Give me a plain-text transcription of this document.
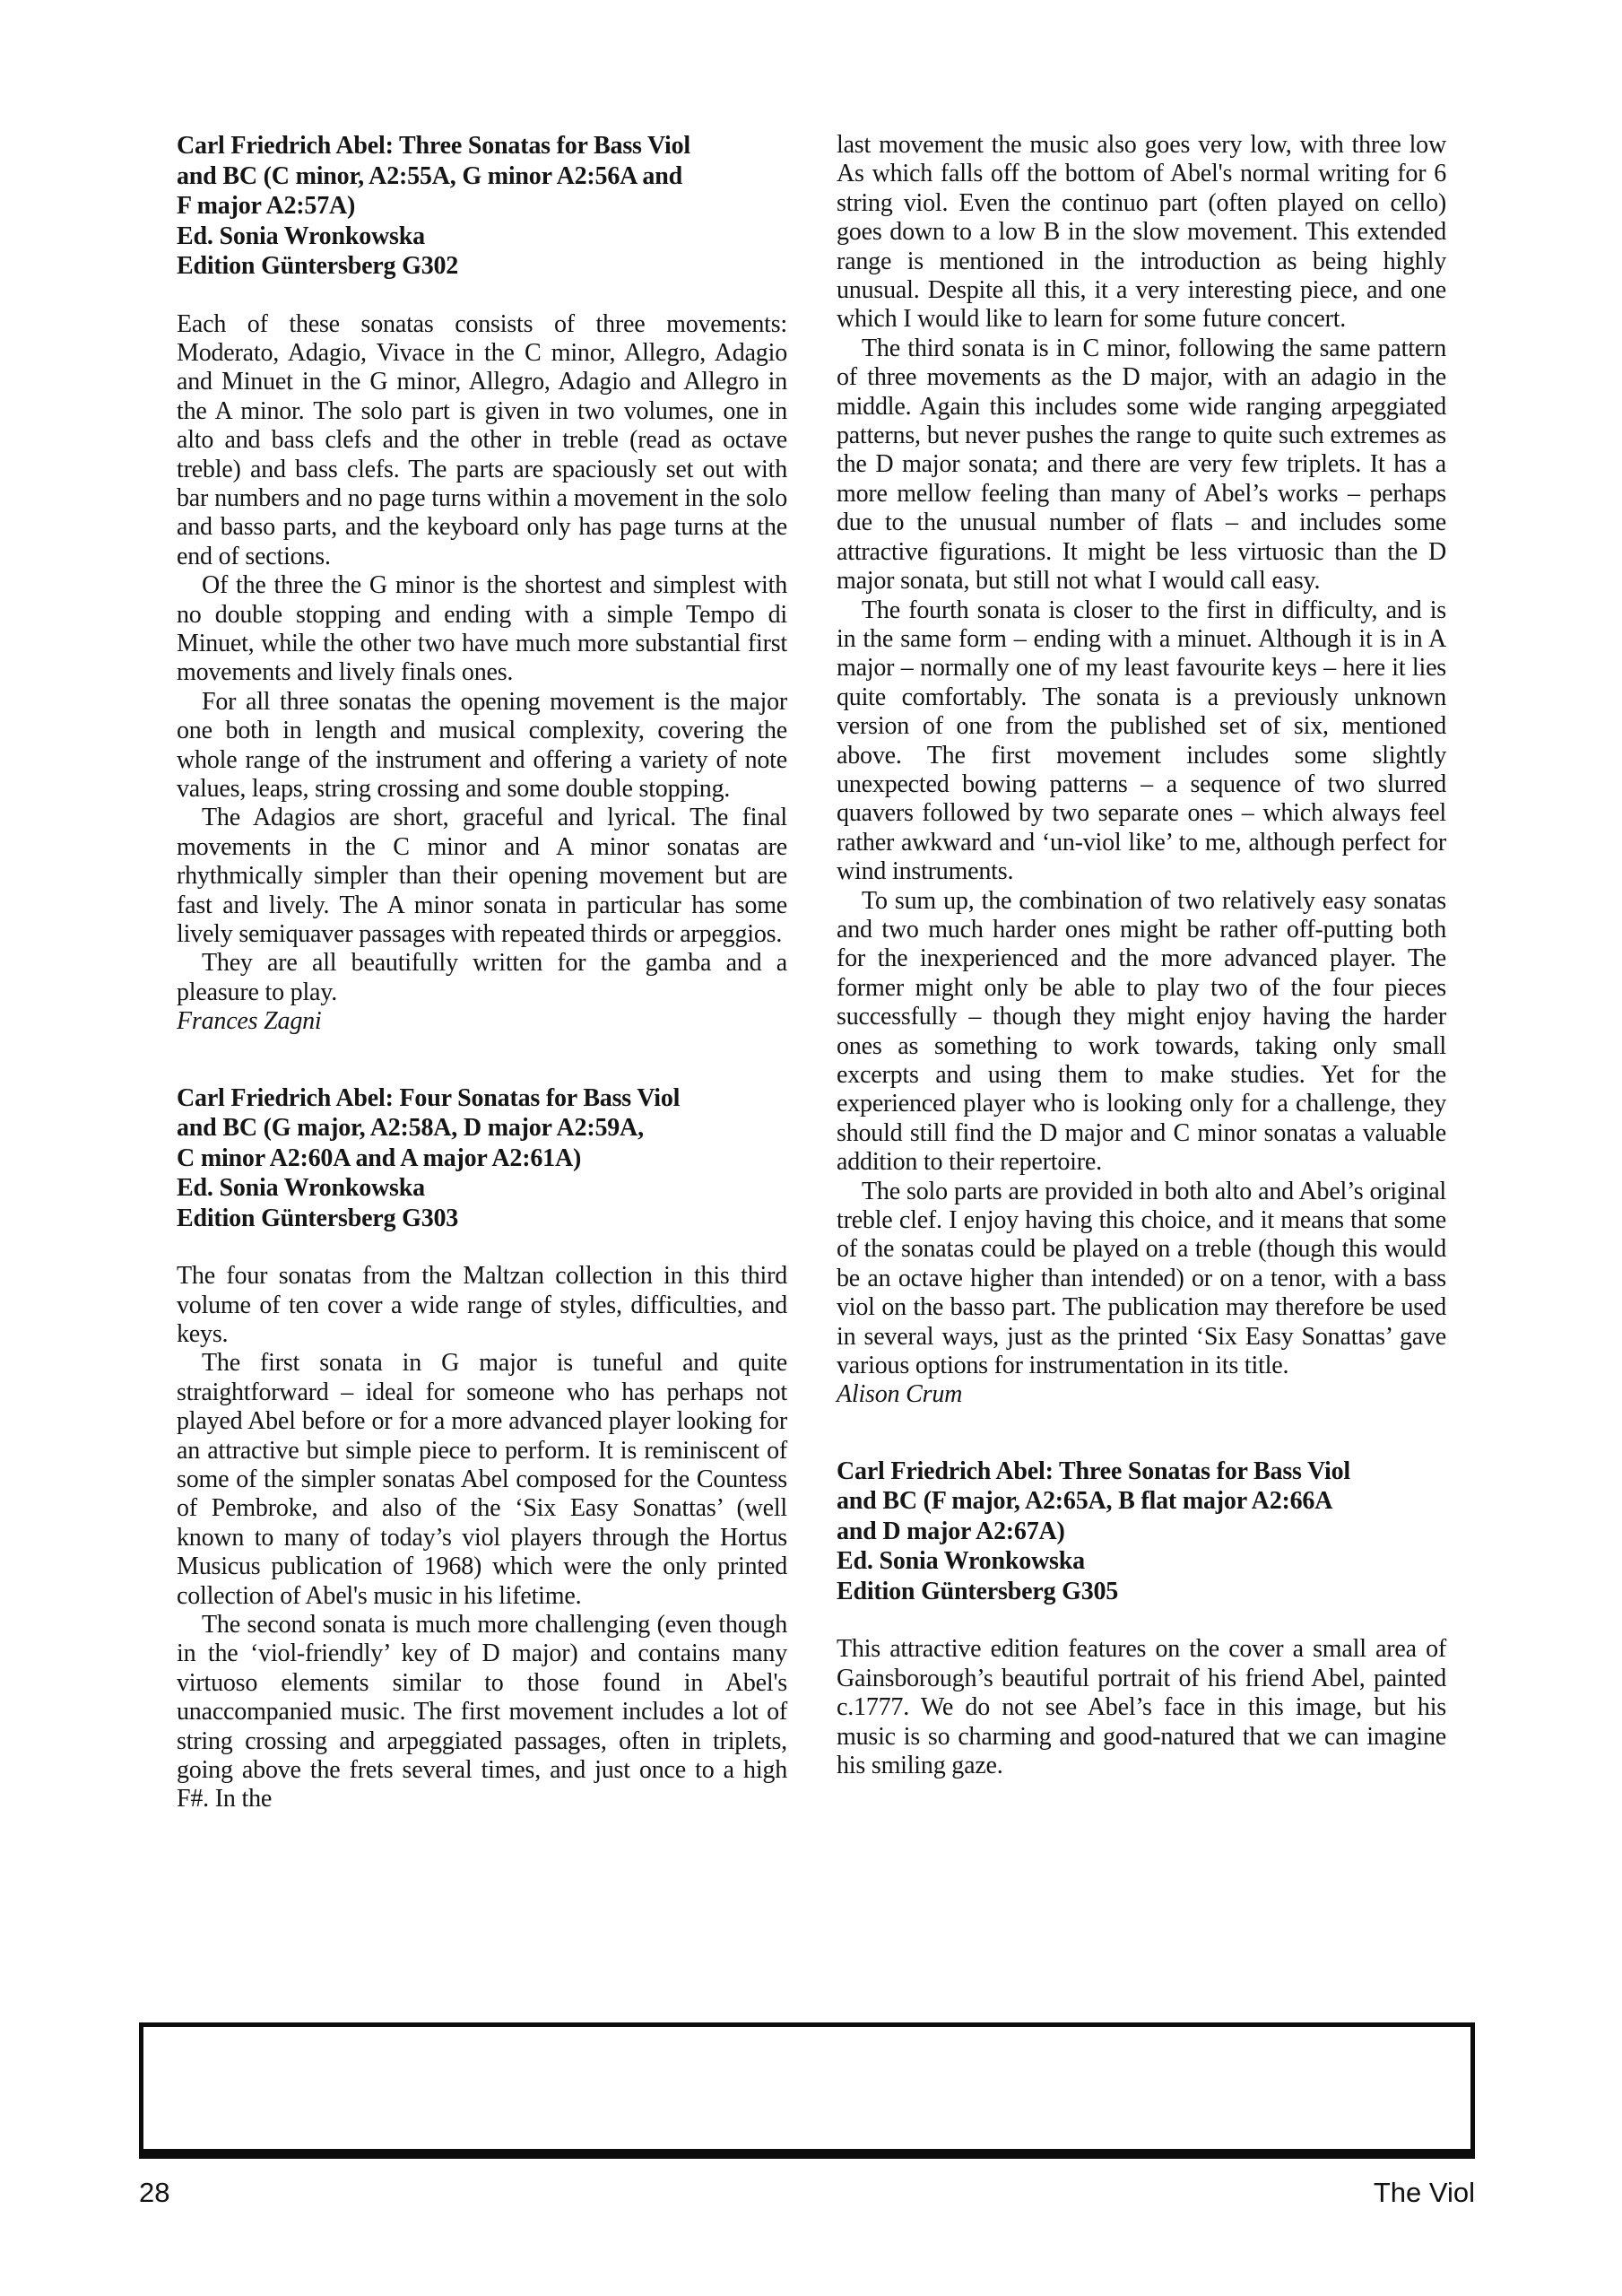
Carl Friedrich Abel: Three Sonatas for Bass Viol
and BC (C minor, A2:55A, G minor A2:56A and
F major A2:57A)
Ed. Sonia Wronkowska
Edition Güntersberg G302

Each of these sonatas consists of three movements: Moderato, Adagio, Vivace in the C minor, Allegro, Adagio and Minuet in the G minor, Allegro, Adagio and Allegro in the A minor. The solo part is given in two volumes, one in alto and bass clefs and the other in treble (read as octave treble) and bass clefs. The parts are spaciously set out with bar numbers and no page turns within a movement in the solo and basso parts, and the keyboard only has page turns at the end of sections.

Of the three the G minor is the shortest and simplest with no double stopping and ending with a simple Tempo di Minuet, while the other two have much more substantial first movements and lively finals ones.

For all three sonatas the opening movement is the major one both in length and musical complexity, covering the whole range of the instrument and offering a variety of note values, leaps, string crossing and some double stopping.

The Adagios are short, graceful and lyrical. The final movements in the C minor and A minor sonatas are rhythmically simpler than their opening movement but are fast and lively. The A minor sonata in particular has some lively semiquaver passages with repeated thirds or arpeggios.

They are all beautifully written for the gamba and a pleasure to play.

Frances Zagni

Carl Friedrich Abel: Four Sonatas for Bass Viol
and BC (G major, A2:58A, D major A2:59A,
C minor A2:60A and A major A2:61A)
Ed. Sonia Wronkowska
Edition Güntersberg G303

The four sonatas from the Maltzan collection in this third volume of ten cover a wide range of styles, difficulties, and keys.

The first sonata in G major is tuneful and quite straightforward – ideal for someone who has perhaps not played Abel before or for a more advanced player looking for an attractive but simple piece to perform. It is reminiscent of some of the simpler sonatas Abel composed for the Countess of Pembroke, and also of the ‘Six Easy Sonattas’ (well known to many of today’s viol players through the Hortus Musicus publication of 1968) which were the only printed collection of Abel's music in his lifetime.

The second sonata is much more challenging (even though in the ‘viol-friendly’ key of D major) and contains many virtuoso elements similar to those found in Abel's unaccompanied music. The first movement includes a lot of string crossing and arpeggiated passages, often in triplets, going above the frets several times, and just once to a high F#. In the

last movement the music also goes very low, with three low As which falls off the bottom of Abel's normal writing for 6 string viol. Even the continuo part (often played on cello) goes down to a low B in the slow movement. This extended range is mentioned in the introduction as being highly unusual. Despite all this, it a very interesting piece, and one which I would like to learn for some future concert.

The third sonata is in C minor, following the same pattern of three movements as the D major, with an adagio in the middle. Again this includes some wide ranging arpeggiated patterns, but never pushes the range to quite such extremes as the D major sonata; and there are very few triplets. It has a more mellow feeling than many of Abel’s works – perhaps due to the unusual number of flats – and includes some attractive figurations. It might be less virtuosic than the D major sonata, but still not what I would call easy.

The fourth sonata is closer to the first in difficulty, and is in the same form – ending with a minuet. Although it is in A major – normally one of my least favourite keys – here it lies quite comfortably. The sonata is a previously unknown version of one from the published set of six, mentioned above. The first movement includes some slightly unexpected bowing patterns – a sequence of two slurred quavers followed by two separate ones – which always feel rather awkward and ‘un-viol like’ to me, although perfect for wind instruments.

To sum up, the combination of two relatively easy sonatas and two much harder ones might be rather off-putting both for the inexperienced and the more advanced player. The former might only be able to play two of the four pieces successfully – though they might enjoy having the harder ones as something to work towards, taking only small excerpts and using them to make studies. Yet for the experienced player who is looking only for a challenge, they should still find the D major and C minor sonatas a valuable addition to their repertoire.

The solo parts are provided in both alto and Abel’s original treble clef. I enjoy having this choice, and it means that some of the sonatas could be played on a treble (though this would be an octave higher than intended) or on a tenor, with a bass viol on the basso part. The publication may therefore be used in several ways, just as the printed ‘Six Easy Sonattas’ gave various options for instrumentation in its title.

Alison Crum

Carl Friedrich Abel: Three Sonatas for Bass Viol
and BC (F major, A2:65A, B flat major A2:66A
and D major A2:67A)
Ed. Sonia Wronkowska
Edition Güntersberg G305

This attractive edition features on the cover a small area of Gainsborough’s beautiful portrait of his friend Abel, painted c.1777. We do not see Abel’s face in this image, but his music is so charming and good-natured that we can imagine his smiling gaze.

28	The Viol
